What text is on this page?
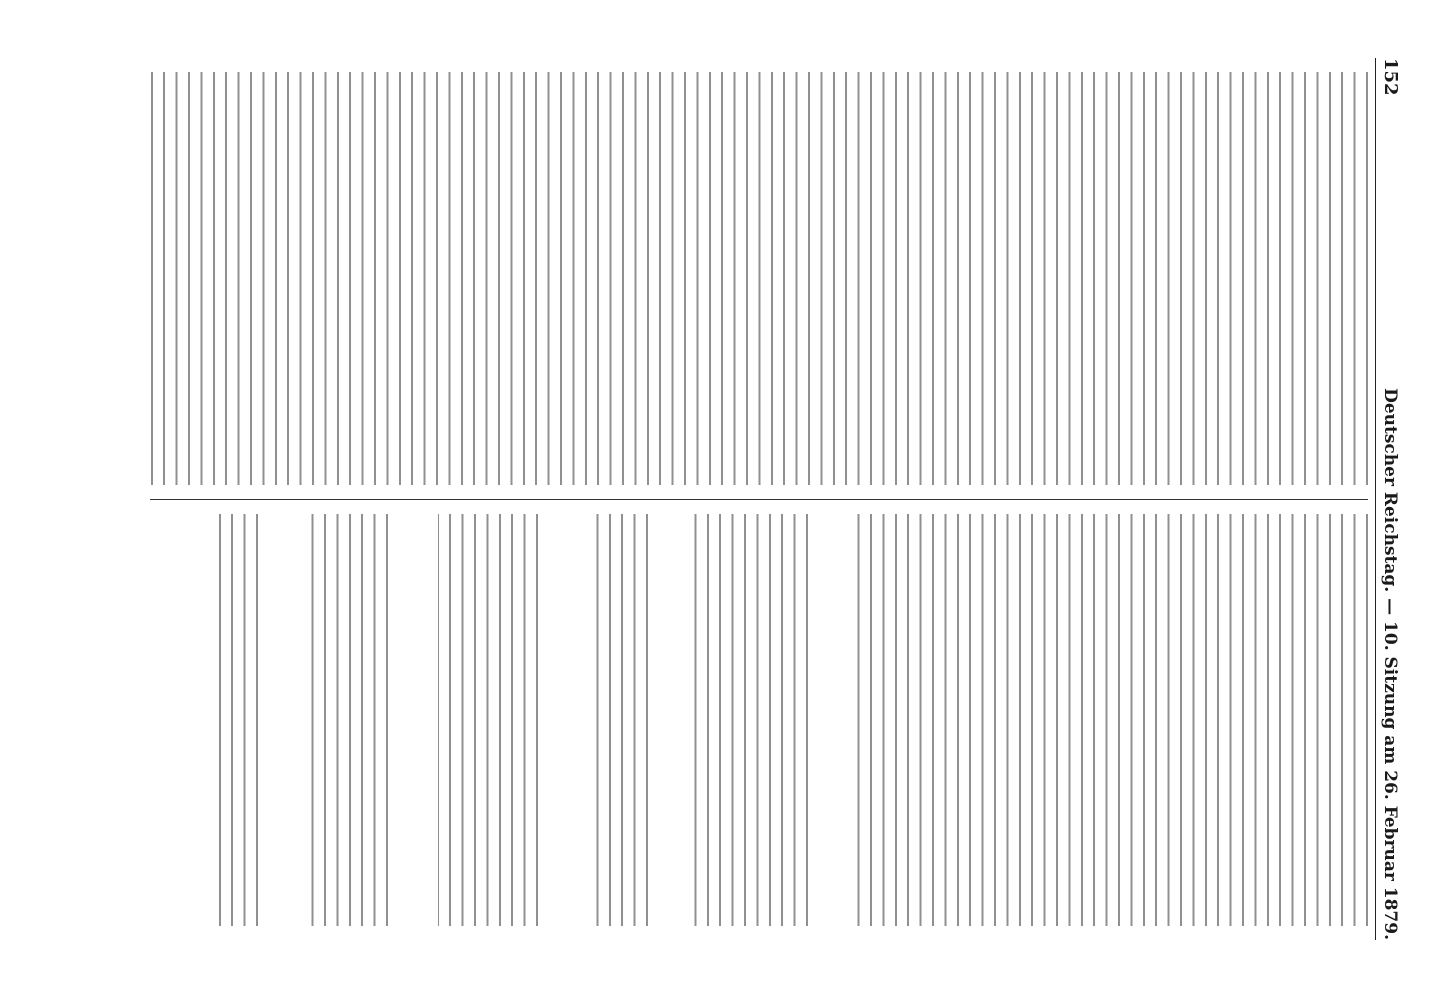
152
Deutscher Reichstag. — 10. Sitzung am 26. Februar 1879.
